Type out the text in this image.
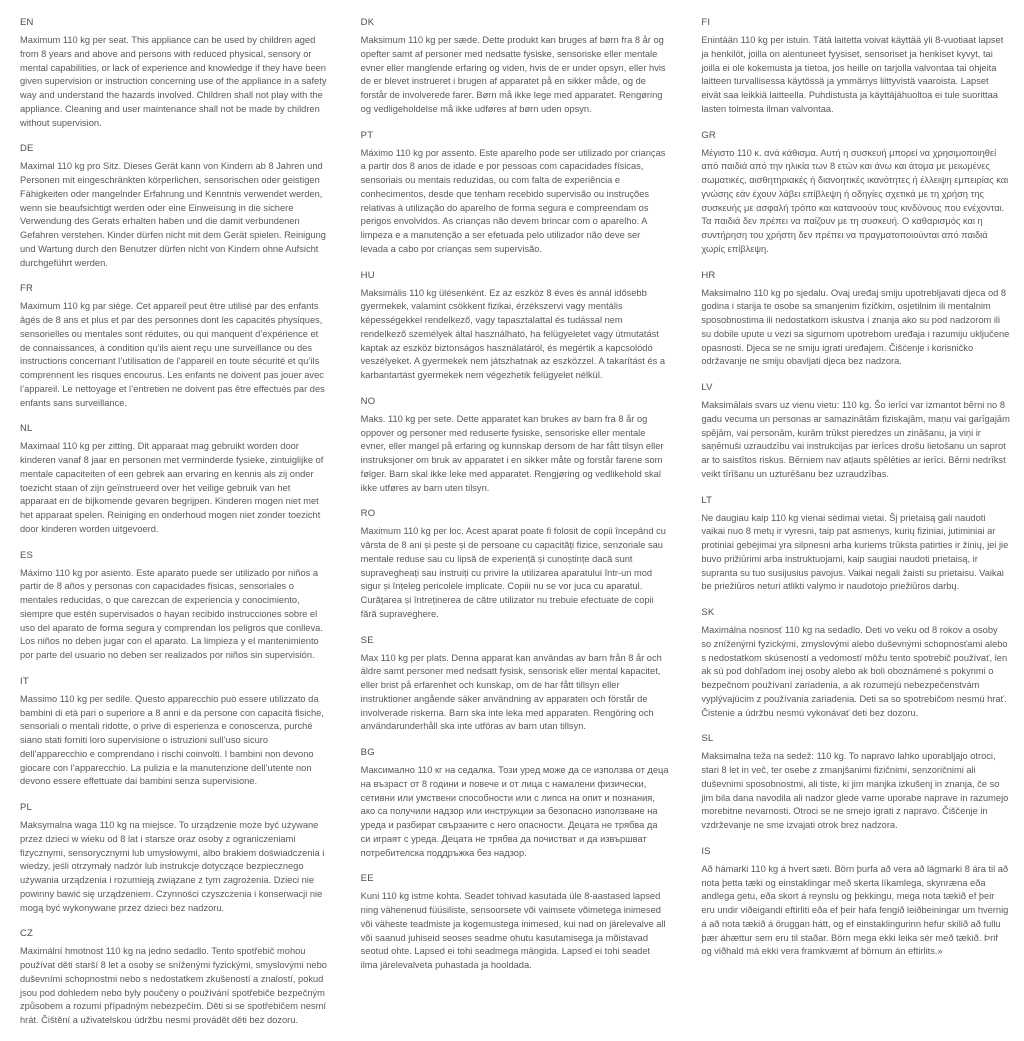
EN

Maximum 110 kg per seat. This appliance can be used by children aged from 8 years and above and persons with reduced physical, sensory or mental capabilities, or lack of experience and knowledge if they have been given supervision or instruction concerning use of the appliance in a safety way and understand the hazards involved. Children shall not play with the appliance. Cleaning and user maintenance shall not be made by children without supervision.

DE

Maximal 110 kg pro Sitz. Dieses Gerät kann von Kindern ab 8 Jahren und Personen mit eingeschränkten körperlichen, sensorischen oder geistigen Fähigkeiten oder mangelnder Erfahrung und Kenntnis verwendet werden, wenn sie beaufsichtigt werden oder eine Einweisung in die sichere Verwendung des Gerats erhalten haben und die damit verbundenen Gefahren verstehen. Kinder dürfen nicht mit dem Gerät spielen. Reinigung und Wartung durch den Benutzer dürfen nicht von Kindern ohne Aufsicht durchgeführt werden.

FR

Maximum 110 kg par siège. Cet appareil peut être utilisé par des enfants âgés de 8 ans et plus et par des personnes dont les capacités physiques, sensorielles ou mentales sont réduites, ou qui manquent d’expérience et de connaissances, à condition qu’ils aient reçu une surveillance ou des instructions concernant l’utilisation de l’appareil en toute sécurité et qu’ils comprennent les risques encourus. Les enfants ne doivent pas jouer avec l’appareil. Le nettoyage et l’entretien ne doivent pas être effectués par des enfants sans surveillance.

NL

Maximaal 110 kg per zitting. Dit apparaat mag gebruikt worden door kinderen vanaf 8 jaar en personen met verminderde fysieke, zintuiglijke of mentale capaciteiten of een gebrek aan ervaring en kennis als zij onder toezicht staan of zijn geïnstrueerd over het veilige gebruik van het apparaat en de bijkomende gevaren begrijpen. Kinderen mogen niet met het apparaat spelen. Reiniging en onderhoud mogen niet zonder toezicht door kinderen worden uitgevoerd.

ES

Máximo 110 kg por asiento. Este aparato puede ser utilizado por niños a partir de 8 años y personas con capacidades físicas, sensoriales o mentales reducidas, o que carezcan de experiencia y conocimiento, siempre que estén supervisados o hayan recibido instrucciones sobre el uso del aparato de forma segura y comprendan los peligros que conlleva. Los niños no deben jugar con el aparato. La limpieza y el mantenimiento por parte del usuario no deben ser realizados por niños sin supervisión.

IT

Massimo 110 kg per sedile. Questo apparecchio può essere utilizzato da bambini di età pari o superiore a 8 anni e da persone con capacità fisiche, sensoriali o mentali ridotte, o prive di esperienza e conoscenza, purché siano stati forniti loro supervisione o istruzioni sull’uso sicuro dell’apparecchio e comprendano i rischi coinvolti. I bambini non devono giocare con l’apparecchio. La pulizia e la manutenzione dell’utente non devono essere effettuate dai bambini senza supervisione.

PL

Maksymalna waga 110 kg na miejsce. To urządzenie może być używane przez dzieci w wieku od 8 lat i starsze oraz osoby z ograniczeniami fizycznymi, sensorycznymi lub umysłowymi, albo brakiem doświadczenia i wiedzy, jeśli otrzymały nadzór lub instrukcje dotyczące bezpiecznego używania urządzenia i rozumieją związane z tym zagrożenia. Dzieci nie powinny bawić się urządzeniem. Czynności czyszczenia i konserwacji nie mogą być wykonywane przez dzieci bez nadzoru.

CZ

Maximální hmotnost 110 kg na jedno sedadlo. Tento spotřebič mohou používat děti starší 8 let a osoby se sníženými fyzickými, smyslovými nebo duševními schopnostmi nebo s nedostatkem zkušeností a znalostí, pokud jsou pod dohledem nebo byly poučeny o používání spotřebiče bezpečným způsobem a rozumí případným nebezpečím. Děti si se spotřebičem nesmí hrát. Čištění a uživatelskou údržbu nesmí provádět děti bez dozoru.

DK

Maksimum 110 kg per sæde. Dette produkt kan bruges af børn fra 8 år og opefter samt af personer med nedsatte fysiske, sensoriske eller mentale evner eller manglende erfaring og viden, hvis de er under opsyn, eller hvis de er blevet instrueret i brugen af apparatet på en sikker måde, og de forstår de involverede farer. Børn må ikke lege med apparatet. Rengøring og vedligeholdelse må ikke udføres af børn uden opsyn.

PT

Máximo 110 kg por assento. Este aparelho pode ser utilizado por crianças a partir dos 8 anos de idade e por pessoas com capacidades físicas, sensoriais ou mentais reduzidas, ou com falta de experiência e conhecimentos, desde que tenham recebido supervisão ou instruções relativas à utilização do aparelho de forma segura e compreendam os perigos envolvidos. As crianças não devem brincar com o aparelho. A limpeza e a manutenção a ser efetuada pelo utilizador não deve ser levada a cabo por crianças sem supervisão.

HU

Maksimális 110 kg ülésenként. Ez az eszköz 8 éves és annál idősebb gyermekek, valamint csökkent fizikai, érzékszervi vagy mentális képességekkel rendelkező, vagy tapasztalattal és tudással nem rendelkező személyek által használható, ha felügyeletet vagy útmutatást kaptak az eszköz biztonságos használatáról, és megértik a kapcsolódó veszélyeket. A gyermekek nem játszhatnak az eszközzel. A takarítást és a karbantartást gyermekek nem végezhetik felügyelet nélkül.

NO

Maks. 110 kg per sete. Dette apparatet kan brukes av barn fra 8 år og oppover og personer med reduserte fysiske, sensoriske eller mentale evner, eller mangel på erfaring og kunnskap dersom de har fått tilsyn eller instruksjoner om bruk av apparatet i en sikker måte og forstår farene som følger. Barn skal ikke leke med apparatet. Rengjøring og vedlikehold skal ikke utføres av barn uten tilsyn.

RO

Maximum 110 kg per loc. Acest aparat poate fi folosit de copii începând cu vârsta de 8 ani și peste și de persoane cu capacități fizice, senzoriale sau mentale reduse sau cu lipsă de experiență și cunoștințe dacă sunt supravegheați sau instruiți cu privire la utilizarea aparatului într-un mod sigur și înțeleg pericolele implicate. Copiii nu se vor juca cu aparatul. Curățarea și întreținerea de către utilizator nu trebuie efectuate de copii fără supraveghere.

SE

Max 110 kg per plats. Denna apparat kan användas av barn från 8 år och äldre samt personer med nedsatt fysisk, sensorisk eller mental kapacitet, eller brist på erfarenhet och kunskap, om de har fått tillsyn eller instruktioner angående säker användning av apparaten och förstår de involverade riskerna. Barn ska inte leka med apparaten. Rengöring och användarunderhåll ska inte utföras av barn utan tillsyn.

BG

Максимално 110 кг на седалка. Този уред може да се използва от деца на възраст от 8 години и повече и от лица с намалени физически, сетивни или умствени способности или с липса на опит и познания, ако са получили надзор или инструкции за безопасно използване на уреда и разбират свързаните с него опасности. Децата не трябва да си играят с уреда. Децата не трябва да почистват и да извършват потребителска поддръжка без надзор.

EE

Kuni 110 kg istme kohta. Seadet tohivad kasutada üle 8-aastased lapsed ning vähenenud füüsiliste, sensoorsete või vaimsete võimetega inimesed või väheste teadmiste ja kogemustega inimesed, kui nad on järelevalve all või saanud juhiseid seoses seadme ohutu kasutamisega ja mõistavad seotud ohte. Lapsed ei tohi seadmega mängida. Lapsed ei tohi seadet ilma järelevalveta puhastada ja hooldada.

FI

Enintään 110 kg per istuin. Tätä laitetta voivat käyttää yli 8-vuotiaat lapset ja henkilöt, joilla on alentuneet fyysiset, sensoriset ja henkiset kyvyt, tai joilla ei ole kokemusta ja tietoa, jos heille on tarjolla valvontaa tai ohjeita laitteen turvallisessa käytössä ja ymmärrys liittyvistä vaaroista. Lapset eivät saa leikkiä laitteella. Puhdistusta ja käyttäjähuoltoa ei tule suorittaa lasten toimesta ilman valvontaa.

GR

Μέγιστο 110 κ. ανά κάθισμα. Αυτή η συσκευή μπορεί να χρησιμοποιηθεί από παιδιά από την ηλικία των 8 ετών και άνω και άτομα με μειωμένες σωματικές, αισθητηριακές ή διανοητικές ικανότητες ή έλλειψη εμπειρίας και γνώσης εάν έχουν λάβει επίβλεψη ή οδηγίες σχετικά με τη χρήση της συσκευής με ασφαλή τρόπο και κατανοούν τους κινδύνους που ενέχονται. Τα παιδιά δεν πρέπει να παίζουν με τη συσκευή. Ο καθαρισμός και η συντήρηση του χρήστη δεν πρέπει να πραγματοποιούνται από παιδιά χωρίς επίβλεψη.

HR

Maksimalno 110 kg po sjedalu. Ovaj uređaj smiju upotrebljavati djeca od 8 godina i starija te osobe sa smanjenim fizičkim, osjetilnim ili mentalnim sposobnostima ili nedostatkom iskustva i znanja ako su pod nadzorom ili su dobile upute u vezi sa sigurnom upotrebom uređaja i razumiju uključene opasnosti. Djeca se ne smiju igrati uređajem. Čišćenje i korisničko održavanje ne smiju obavljati djeca bez nadzora.

LV

Maksimālais svars uz vienu vietu: 110 kg. Šo ierīci var izmantot bērni no 8 gadu vecuma un personas ar samazinātām fiziskajām, maņu vai garīgajām spējām, vai personām, kurām trūkst pieredzes un zināšanu, ja viņi ir saņēmuši uzraudzību vai instrukcijas par ierīces drošu lietošanu un saprot ar to saistītos riskus. Bērniem nav atļauts spēlēties ar ierīci. Bērni nedrīkst veikt tīrīšanu un uzturēšanu bez uzraudzības.

LT

Ne daugiau kaip 110 kg vienai sėdimai vietai. Šį prietaisą gali naudoti vaikai nuo 8 metų ir vyresni, taip pat asmenys, kurių fiziniai, jutiminiai ar protiniai gebėjimai yra silpnesni arba kuriems trūksta patirties ir žinių, jei jie buvo prižiūrimi arba instruktuojami, kaip saugiai naudoti prietaisą, ir supranta su tuo susijusius pavojus. Vaikai negali žaisti su prietaisu. Vaikai be priežiūros neturi atlikti valymo ir naudotojo priežiūros darbų.

SK

Maximálna nosnosť 110 kg na sedadlo. Deti vo veku od 8 rokov a osoby so zníženými fyzickými, zmyslovými alebo duševnými schopnosťami alebo s nedostatkom skúseností a vedomostí môžu tento spotrebič používať, len ak sú pod dohľadom inej osoby alebo ak boli oboznámené s pokynmi o bezpečnom používaní zariadenia, a ak rozumejú nebezpečenstvám vyplývajúcim z používania zariadenia. Deti sa so spotrebičom nesmú hrať. Čistenie a údržbu nesmú vykonávať deti bez dozoru.

SL

Maksimalna teža na sedež: 110 kg. To napravo lahko uporabljajo otroci, stari 8 let in več, ter osebe z zmanjšanimi fizičnimi, senzoričnimi ali duševnimi sposobnostmi, ali tiste, ki jim manjka izkušenj in znanja, če so jim bila dana navodila ali nadzor glede varne uporabe naprave in razumejo morebitne nevarnosti. Otroci se ne smejo igrati z napravo. Čiščenje in vzdrževanje ne sme izvajati otrok brez nadzora.

IS

Að hámarki 110 kg á hvert sæti. Börn þurfa að vera að lágmarki 8 ára til að nota þetta tæki og einstaklingar með skerta líkamlega, skynræna eða andlega getu, eða skort á reynslu og þekkingu, mega nota tækið ef þeir eru undir viðeigandi eftirliti eða ef þeir hafa fengið leiðbeiningar um hvernig á að nota tækið á öruggan hátt, og ef einstaklingurinn hefur skilið að fullu þær áhættur sem eru til staðar. Börn mega ekki leika sér með tækið. Þrif og viðhald má ekki vera framkvæmt af börnum án eftirlits.»
